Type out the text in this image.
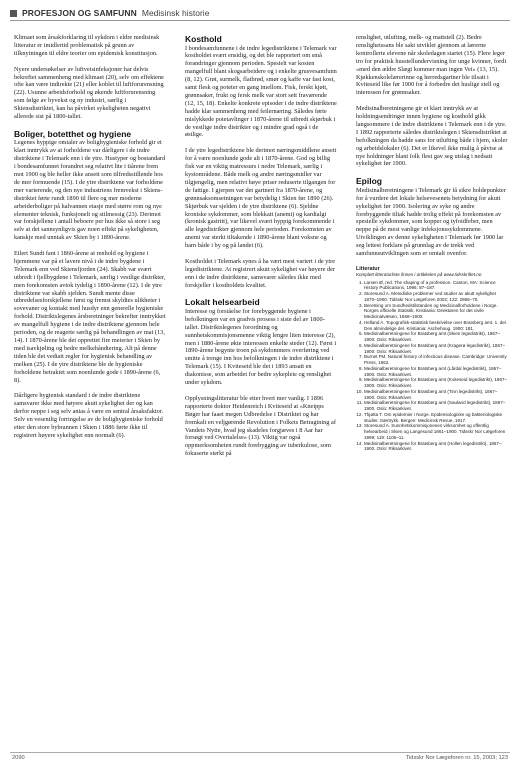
PROFESJON OG SAMFUNN Medisinsk historie

Klimaet som årsakforklaring til sykdom i eldre medisinsk litteratur er imidlertid problematisk på grunn av tilknytningen til eldre teorier om epidemisk konstitusjon.

Nyere undersøkelser av luftveisinfeksjoner har delvis bekreftet sammenheng med klimaet (20), selv om effektene ofte kan være indirekte (21) eller koblet til luftforurensning (22). Usunne arbeidsforhold og økende luftforurensning som følge av byvekst og ny industri, særlig i Skiensdistriktet, kan ha påvirket sykeligheten negativt allerede sist på 1800-tallet.

Boliger, botetthet og hygiene

Legenes hyppige omtaler av bolighygieniske forhold gir et klart inntrykk av at forholdene var dårligere i de indre distriktene i Telemark enn i de ytre. Hustyper og bostandard i bondesamfunnet forandret seg relativt lite i tiårene frem mot 1900 og ble heller ikke ansett som tilfredsstillende hos de mer formuende (15). I de ytre distriktene var forholdene mer varierende, og den nye industriens fremvekst i Skiens-distriktet førte rundt 1890 til flere og mer moderne arbeiderboliger på halvannen etasje med større rom og nye elementer teknisk, funksjonelt og stilmessig (23). Derimot var forskjellene i antall beboere per hus ikke så store i seg selv at det sannsynligvis gav noen effekt på sykeligheten, kanskje med unntak av Skien by i 1890-årene.

Eilert Sundt fant i 1860-årene at renhold og hygiene i hjemmene var på et lavere nivå i de indre bygdene i Telemark enn ved Skiensfjorden (24). Skabb var svært utbredt i fjellbygdene i Telemark, særlig i vestlige distrikter, men forekomsten avtok tydelig i 1890-årene (12). I de ytre distriktene var skabb sjelden. Sundt mente disse utbredelsesforskjellene først og fremst skyldtes ulikheter i sovevaner og kontakt med husdyr enn generelle hygieniske forhold. Distriktslegenes årsberetninger bekrefter inntrykket av mangelfull hygiene i de indre distriktene gjennom hele perioden, og de reagerte særlig på behandlingen av mat (13, 14). I 1870-årene ble det opprettet fire meierier i Skien by med isavkjøling og bedre melkehåndtering. Alt på denne tiden ble det vedtatt regler for hygienisk behandling av melken (25). I de ytre distriktene ble de hygieniske forholdene betraktet som noenlunde gode i 1890-årene (6, 8).

Dårligere hygienisk standard i de indre distriktene samsvarer ikke med høyere akutt sykelighet der og kan derfor neppe i seg selv antas å være en sentral årsaksfaktor. Selv en vesentlig forringelse av de bolighygieniske forhold etter den store bybrannen i Skien i 1886 førte ikke til registrert høyere sykelighet enn normalt (6).

Kosthold

I bondesamfunnene i de indre legedistriktene i Telemark var kostholdet svært ensidig, og det ble rapportert om små forandringer gjennom perioden. Spesielt var kosten mangelfull blant skogsarbeidere og i enkelte grusvesamfunn (8, 12). Grøt, surmelk, flatbrød, smør og kaffe var fast kost, samt flesk og poteter en gang imellom. Fisk, ferskt kjøtt, grønnsaker, frukt og fersk melk var stort sett fraværende (12, 15, 18). Enkelte konkrete episoder i de indre distriktene hadde klar sammenheng med feilernæring. Således førte mislykkede potetavlinger i 1870-årene til utbredt skjørbuk i de vestlige indre distrikter og i mindre grad også i de østlige.

I de ytre legedistriktene ble derimot næringsmiddlene ansett for å være noenlunde gode alt i 1870-årene. God og billig fisk var en viktig matressurs i nedre Telemark, særlig i kystområdene. Både melk og andre næringsmidler var tilgjengelig, men relativt høye priser reduserte tilgangen for de fattige. I gjerpen var det gartneri fra 1870-årene, og grønnsaksomsetningen var betydelig i Skien før 1890 (26). Skjørbuk var sjelden i de ytre distriktene (6). Sjeldne kroniske sykdommer, som blekkatt (anemi) og kardialgi (kronisk gastritt), var likevel svært hyppig forekommende i alle legedistrikter gjennom hele perioden. Forekomsten av anemi var sterkt tiltakende i 1890-årene blant voksne og barn både i by og på landet (6).

Kostholdet i Telemark synes å ha vært mest variert i de ytre legedistriktene. At registrert akutt sykelighet var høyere der enn i de indre distriktene, samsvarer således ikke med forskjeller i kostholdets kvalitet.

Lokalt helsearbeid

Interesse og forståelse for forebyggende hygiene i befolkningen var en gradvis prosess i siste del av 1800-tallet. Distriktslegenes forordning og sunnhetskommisjonsmenne viktig lengre liten interesse (2), men i 1880-årene økte interessen enkelte steder (12). Først i 1890-årene begynte troen på sykdommers overføring ved smitte å trenge inn hos befolkningen i de indre distriktene i Telemark (15). I Kviteseid ble det i 1893 ansatt en diakonisse, som arbeidet for bedre sykepleie og renslighet under sykdom.

Opplysningslitteratur ble etter hvert mer vanlig. I 1896 rapporterte doktor Heidenreich i Kviteseid at «Kneipps Bøger har faaet megen Udbredelse i Distriktet og har fremkalt en veljgørende Revolution i Folkets Betragtning af Vandets Nytte, hvad jeg skadeles forgjæves i 8 Aar har forsøgt ved Overtalelse» (13). Viktig var også oppmerksomheten rundt forebygging av tuberkulose, som fokuserte sterkt på

renslighet, utlufting, melk- og mattstell (2). Bedre renslighetssans ble sakt utviklet gjennom at lærerne kontrollerte elevene når skoledagen startet (15). Flere leger tro for praktisk husstellundervisning for unge kvinner, fordi «med den ældre Slægt kommer man ingen Vei» (13, 15). Kjøkkenskolelærerinne og herredsgartner ble tilsatt i Kviteseid like før 1900 for å forbedre det huslige stell og interessen for grønnsaker.

Medisinalberetningene gir et klart inntrykk av at holdningsendringer innen hygiene og kosthold gikk langsommere i de indre distriktene i Telemark enn i de ytre. I 1892 rapporterte således distriktslegen i Skiensdistriktet at befolkningen da hadde sans for utlufting både i hjem, skoler og arbeidslokaler (6). Det er likevel ikke mulig å påvise at nye holdninger blant folk flest gav seg utslag i nedsatt sykelighet før 1900.

Epilog

Medisinalberetningene i Telemark gir få sikre holdepunkter for å vurdere det lokale helsevesenets betydning for akutt sykelighet før 1900. Isolering av syke og andre forebyggende tiltak hadde trolig effekt på forekomsten av spesielle sykdommer, som kopper og tyfoidfeber, men neppe på de mest vanlige infeksjonssykdommene. Utviklingen av denne sykeligheten i Telemark før 1900 lar seg lettest forklare på grunnlag av de trekk ved samfunnsutviklingen som er omtalt ovenfor.

Litteratur
Komplett litteraturliste finnes i artikkelen på www.tidsskriftet.no
1. Larsen Ø, red. The shaping of a profession. Canton, MA: Science History Publications, 1996: 87–187.
2. Storesund A. Metodiske problemer ved studier av akutt sykelighet 1870–1900. Tidsskr Nor Lægeforen 2002; 122: 2866–70.
3. Beretning om Sundhedstilstanden og Medicinalforholdene i Norge. Norges officielle Statistik. Kristiania: Direktøren for det civile Medicinalvæsen, 1868–1900.
4. Helland A. Topografisk-statistisk beskrivelse over Bratsberg amt. 1. del. Den almindelige del. Kristiania: Aschehoug, 1900: 181.
5. Medisinalberetningene for Bratsberg amt (Skien legedistrikt), 1867–1900. Oslo: Riksarkivet.
6. Medisinalberetningene for Bratsberg amt (Kragerø legedistrikt), 1867–1900. Oslo: Riksarkivet.
7. Burnet FM. Natural history of infectious disease. Cambridge: University Press, 1962.
8. Medisinalberetningene for Bratsberg amt (Lårdal legedistrikt), 1867–1900. Oslo: Riksarkivet.
9. Medisinalberetningene for Bratsberg amt (Kviteseid legedistrikt), 1867–1900. Oslo: Riksarkivet.
10. Medisinalberetningene for Bratsberg amt (Tinn legedistrikt), 1867–1900. Oslo: Riksarkivet.
11. Medisinalberetningene for Bratsberg amt (Sauland legedistrikt), 1867–1900. Oslo: Riksarkivet.
12. Thjøtta T. Om epidemier i Norge. Epidemiologiske og bakteriologiske studier. Særtrykk. Bergen: Medicinsk Revue, 1917.
13. Storesund A. Sunnhetskommisjonenes virksomhet og offentlig helsearbeid i Skien og Langesund 1861–1900. Tidsskr Nor Lægeforen 1999; 119: 1106–11.
14. Medisinalberetningene for Bratsberg amt (Hollen legedistrikt), 1867–1900. Oslo: Riksarkivet.
2090	Tidsskr Nor Lægeforen nr. 15, 2003; 123
